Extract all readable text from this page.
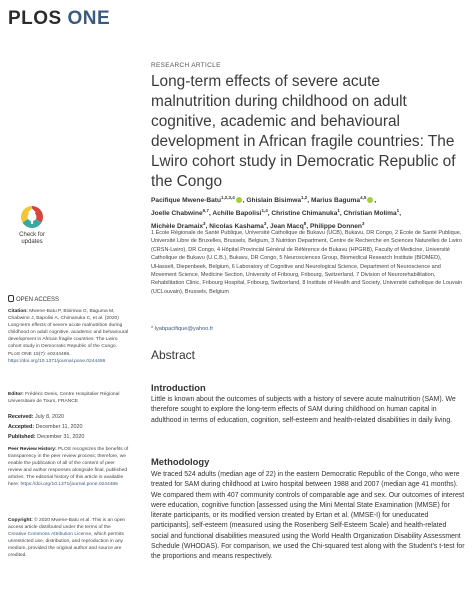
PLOS ONE
RESEARCH ARTICLE
Long-term effects of severe acute malnutrition during childhood on adult cognitive, academic and behavioural development in African fragile countries: The Lwiro cohort study in Democratic Republic of the Congo
Pacifique Mwene-Batu$^{1,2,3,4}$ , Ghislain Bisimwa$^{1,2}$, Marius Baguma$^{4,5}$ ,
Joelle Chabwine$^{6,7}$, Achille Bapolisi$^{1,4}$, Christine Chimanuka$^1$, Christian Molima$^1$,
Michèle Dramaix$^3$, Nicolas Kashama$^3$, Jean Macq$^8$, Philippe Donnen$^3$
1 École Régionale de Santé Publique, Université Catholique de Bukavu (UCB), Bukavu, DR Congo, 2 École de Santé Publique, Université Libre de Bruxelles, Brussels, Belgium, 3 Nutrition Department, Centre de Recherche en Sciences Naturelles de Lwiro (CRSN-Lwiro), DR Congo, 4 Hôpital Provincial Général de Référence de Bukavu (HPGRB), Faculty of Medicine, Université Catholique de Bukavu (U.C.B.), Bukavu, DR Congo, 5 Neurosciences Group, Biomedical Research Institute (BIOMED), UHasselt, Diepenbeek, Belgium, 6 Laboratory of Cognitive and Neurological Science, Department of Neuroscience and Movement Science, Medicine Section, University of Fribourg, Fribourg, Switzerland, 7 Division of Neurorehabilitation, Rehabilitation Clinic, Fribourg Hospital, Fribourg, Switzerland, 8 Institute of Health and Society, Université catholique de Louvain (UCLouvain), Brussels, Belgium
* lyabpacifique@yahoo.fr
Abstract
Introduction
Little is known about the outcomes of subjects with a history of severe acute malnutrition (SAM). We therefore sought to explore the long-term effects of SAM during childhood on human capital in adulthood in terms of education, cognition, self-esteem and health-related disabilities in daily living.
Methodology
We traced 524 adults (median age of 22) in the eastern Democratic Republic of the Congo, who were treated for SAM during childhood at Lwiro hospital between 1988 and 2007 (median age 41 months). We compared them with 407 community controls of comparable age and sex. Our outcomes of interest were education, cognitive function [assessed using the Mini Mental State Examination (MMSE) for literate participants, or its modified version created by Ertan et al. (MMSE-I) for uneducated participants], self-esteem (measured using the Rosenberg Self-Esteem Scale) and health-related social and functional disabilities measured using the World Health Organization Disability Assessment Schedule (WHODAS). For comparison, we used the Chi-squared test along with the Student’s t-test for the proportions and means respectively.
Check for
updates
OPEN ACCESS
Citation: Mwene-Batu P, Bisimwa G, Baguma M, Chabwine J, Bapolisi A, Chimanuka C, et al. (2020) Long-term effects of severe acute malnutrition during childhood on adult cognitive, academic and behavioural development in African fragile countries: The Lwiro cohort study in Democratic Republic of the Congo. PLoS ONE 15(7): e0244486. https://doi.org/10.1371/journal.pone.0244486
Editor: Frédéric Denis, Centre Hospitalier Régional Universitaire de Tours, FRANCE
Received: July 8, 2020
Accepted: December 11, 2020
Published: December 31, 2020
Peer Review History: PLOS recognizes the benefits of transparency in the peer review process; therefore, we enable the publication of all of the content of peer review and author responses alongside final, published articles. The editorial history of this article is available here: https://doi.org/10.1371/journal.pone.0244486
Copyright: © 2020 Mwene-Batu et al. This is an open access article distributed under the terms of the Creative Commons Attribution License, which permits unrestricted use, distribution, and reproduction in any medium, provided the original author and source are credited.
